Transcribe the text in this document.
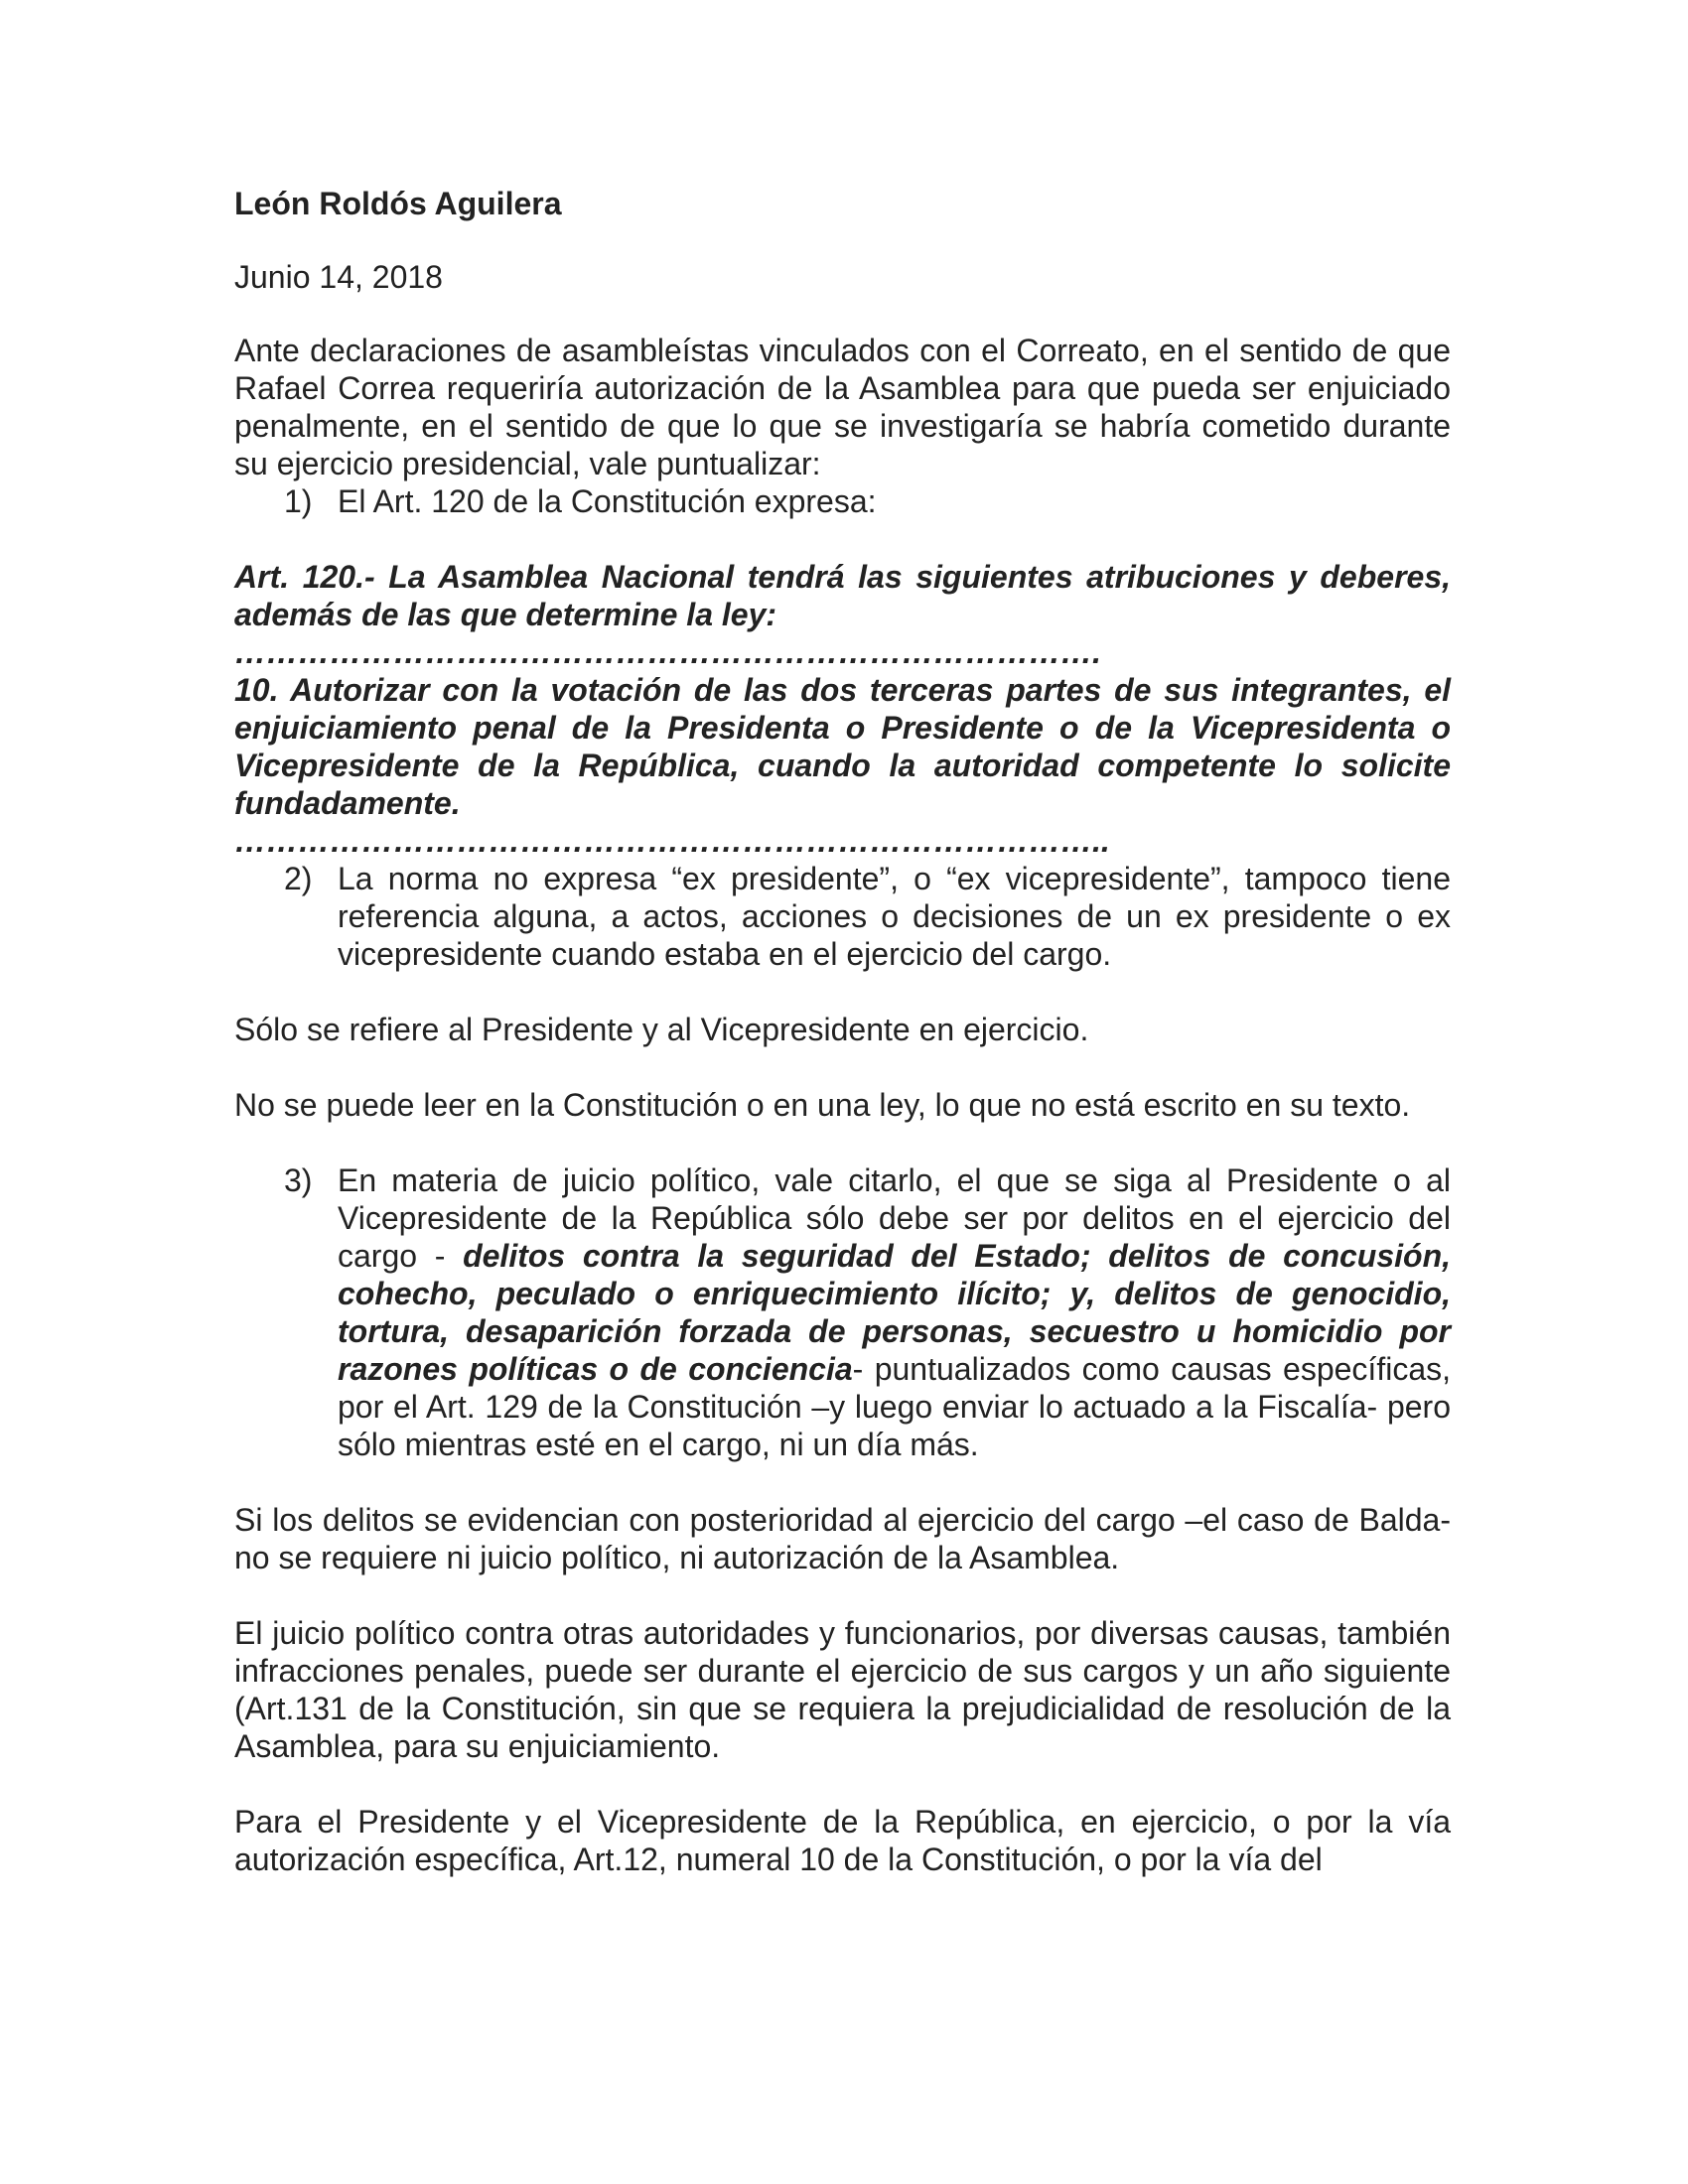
León Roldós Aguilera

Junio 14, 2018

Ante declaraciones de asambleístas vinculados con el Correato, en el sentido de que Rafael Correa requeriría autorización de la Asamblea para que pueda ser enjuiciado penalmente, en el sentido de que lo que se investigaría se habría cometido durante su ejercicio presidencial, vale puntualizar:

1) El Art. 120 de la Constitución expresa:

Art. 120.- La Asamblea Nacional tendrá las siguientes atribuciones y deberes, además de las que determine la ley:

……………………………………………………………………….

10. Autorizar con la votación de las dos terceras partes de sus integrantes, el enjuiciamiento penal de la Presidenta o Presidente o de la Vicepresidenta o Vicepresidente de la República, cuando la autoridad competente lo solicite fundadamente.

………………………………………………………………………..

2) La norma no expresa “ex presidente”, o “ex vicepresidente”, tampoco tiene referencia alguna, a actos, acciones o decisiones de un ex presidente o ex vicepresidente cuando estaba en el ejercicio del cargo.

Sólo se refiere al Presidente y al Vicepresidente en ejercicio.

No se puede leer en la Constitución o en una ley, lo que no está escrito en su texto.

3) En materia de juicio político, vale citarlo, el que se siga al Presidente o al Vicepresidente de la República sólo debe ser por delitos en el ejercicio del cargo - delitos contra la seguridad del Estado; delitos de concusión, cohecho, peculado o enriquecimiento ilícito; y, delitos de genocidio, tortura, desaparición forzada de personas, secuestro u homicidio por razones políticas o de conciencia- puntualizados como causas específicas, por el Art. 129 de la Constitución –y luego enviar lo actuado a la Fiscalía- pero sólo mientras esté en el cargo, ni un día más.

Si los delitos se evidencian con posterioridad al ejercicio del cargo –el caso de Balda- no se requiere ni juicio político, ni autorización de la Asamblea.

El juicio político contra otras autoridades y funcionarios, por diversas causas, también infracciones penales, puede ser durante el ejercicio de sus cargos y un año siguiente (Art.131 de la Constitución, sin que se requiera la prejudicialidad de resolución de la Asamblea, para su enjuiciamiento.

Para el Presidente y el Vicepresidente de la República, en ejercicio, o por la vía autorización específica, Art.12, numeral 10 de la Constitución, o por la vía del
